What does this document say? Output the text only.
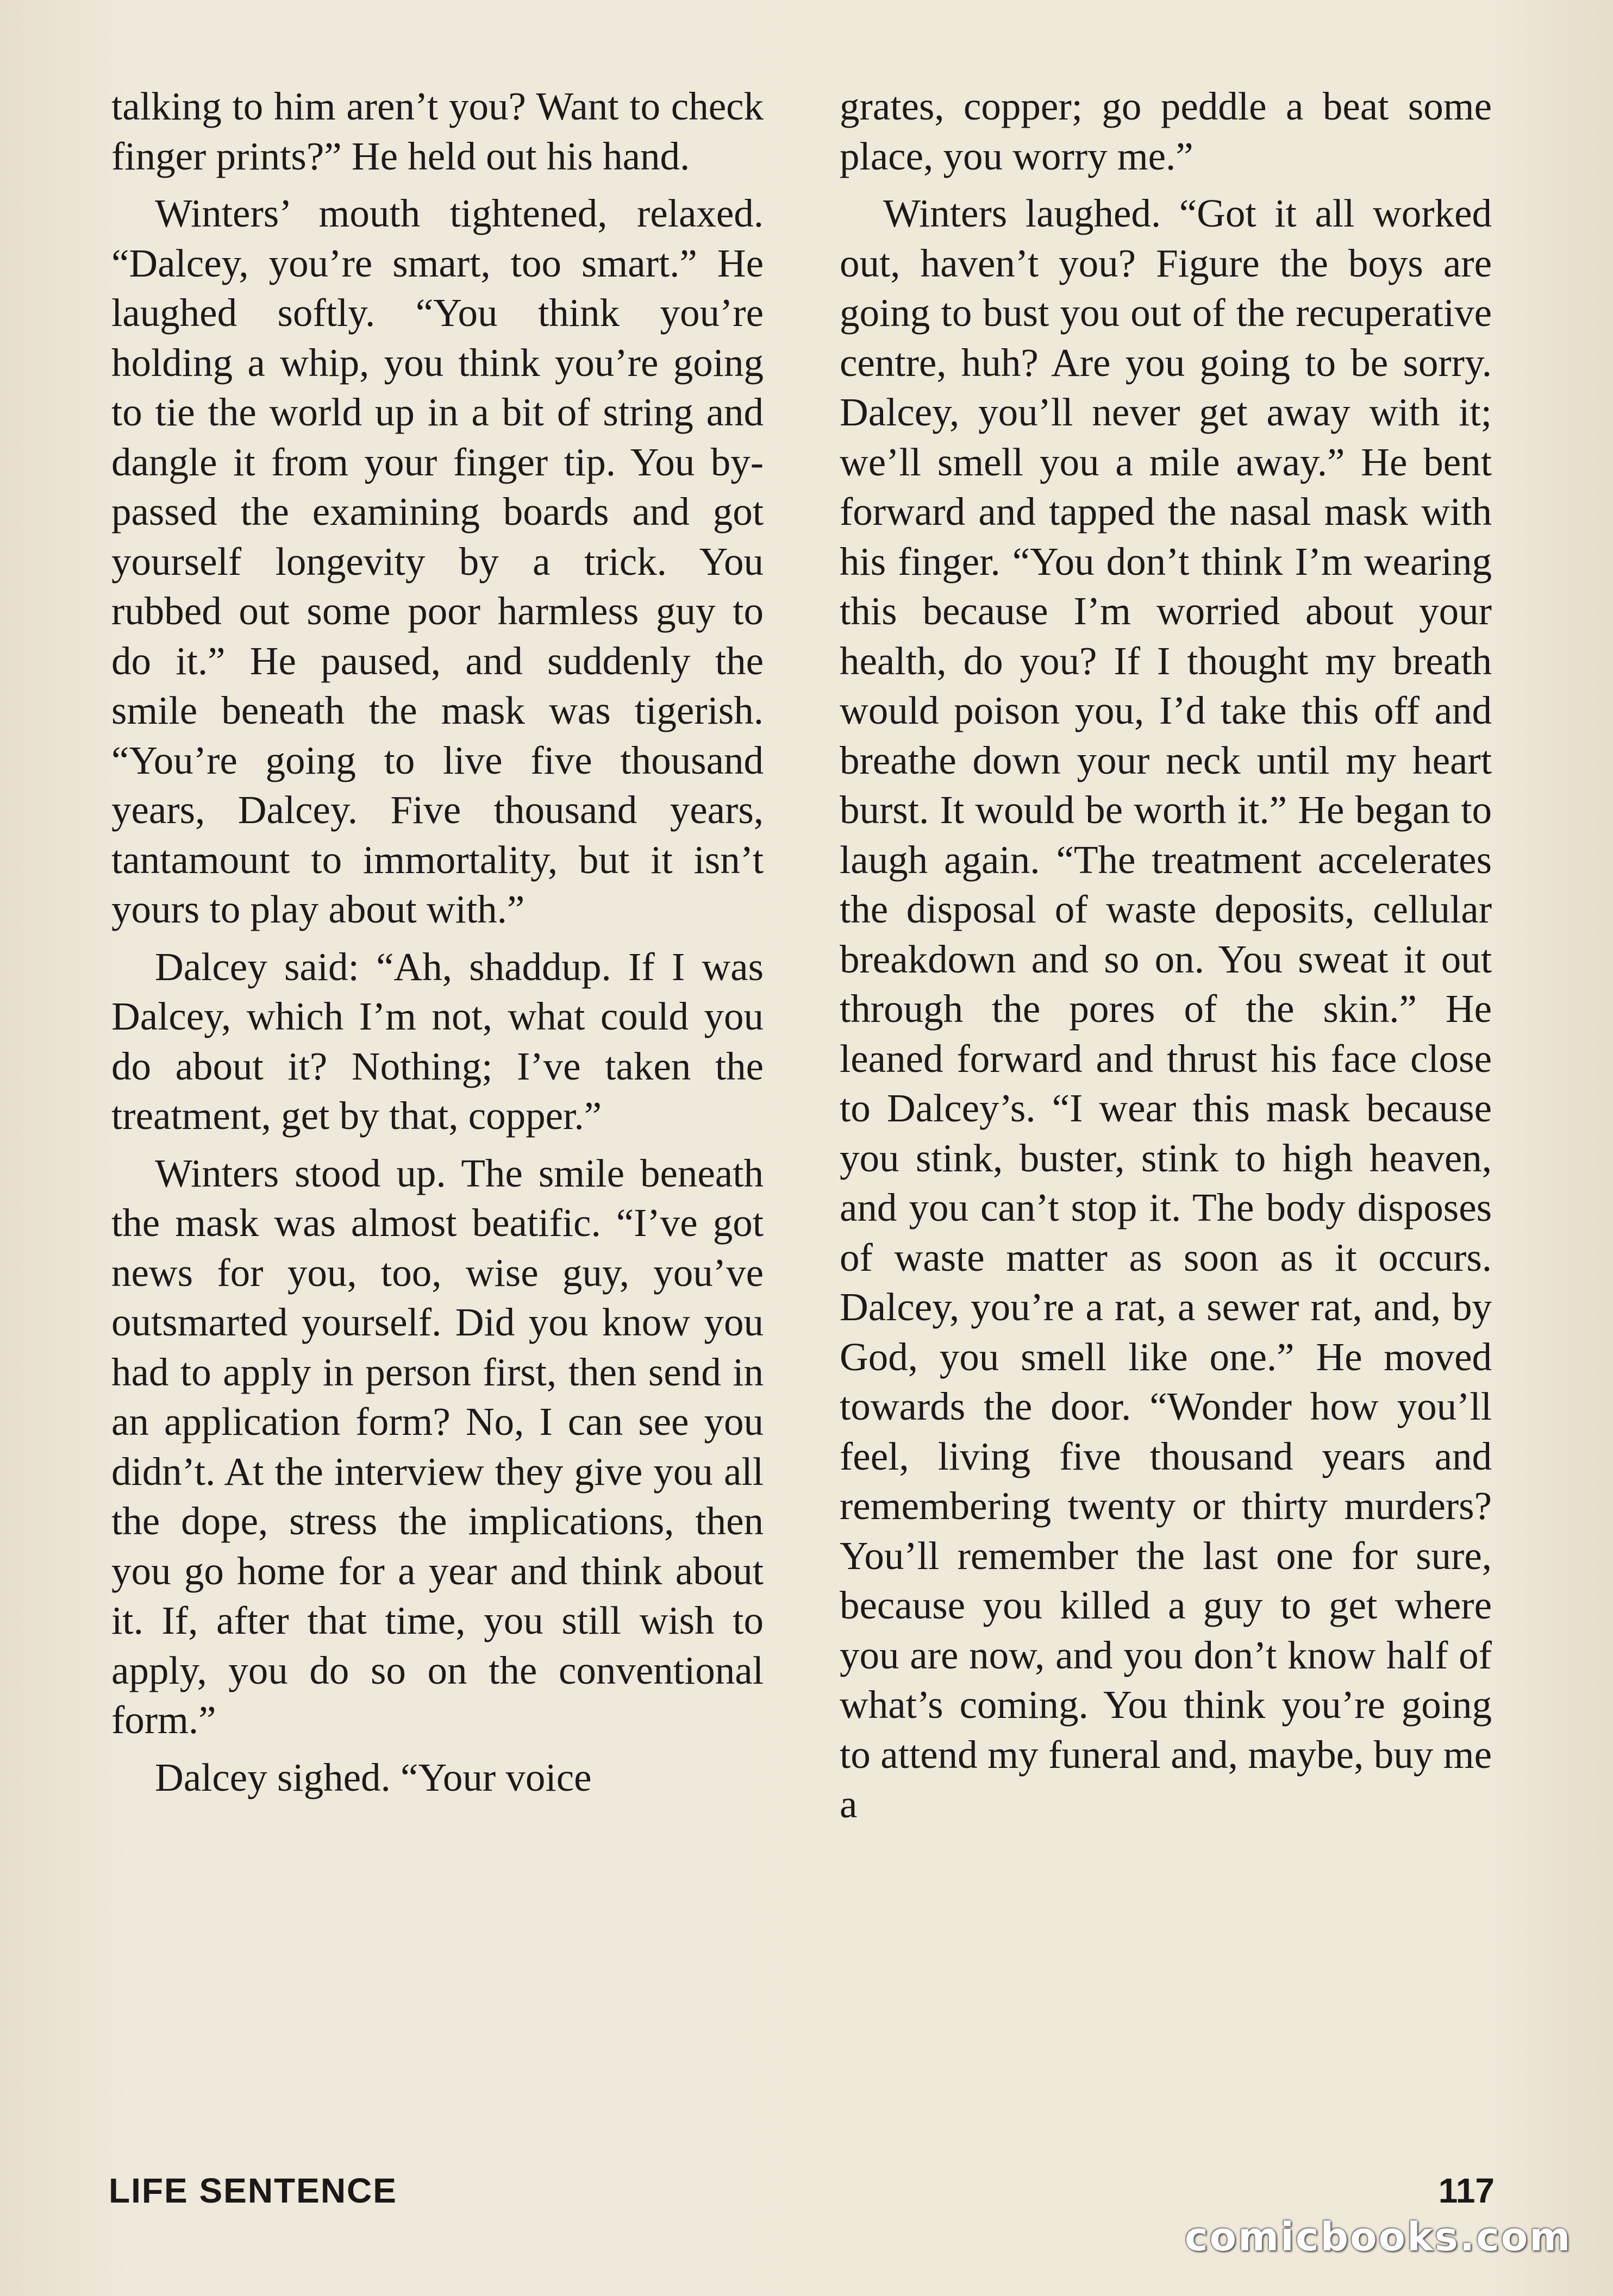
talking to him aren’t you? Want to check finger prints?” He held out his hand.

Winters’ mouth tightened, relaxed. “Dalcey, you’re smart, too smart.” He laughed softly. “You think you’re holding a whip, you think you’re going to tie the world up in a bit of string and dangle it from your finger tip. You by-passed the examining boards and got yourself longevity by a trick. You rubbed out some poor harmless guy to do it.” He paused, and suddenly the smile beneath the mask was tigerish. “You’re going to live five thousand years, Dalcey. Five thousand years, tantamount to immortality, but it isn’t yours to play about with.”

Dalcey said: “Ah, shaddup. If I was Dalcey, which I’m not, what could you do about it? Nothing; I’ve taken the treatment, get by that, copper.”

Winters stood up. The smile beneath the mask was almost beatific. “I’ve got news for you, too, wise guy, you’ve outsmarted yourself. Did you know you had to apply in person first, then send in an application form? No, I can see you didn’t. At the interview they give you all the dope, stress the implications, then you go home for a year and think about it. If, after that time, you still wish to apply, you do so on the conventional form.”

Dalcey sighed. “Your voice

grates, copper; go peddle a beat some place, you worry me.”

Winters laughed. “Got it all worked out, haven’t you? Figure the boys are going to bust you out of the recuperative centre, huh? Are you going to be sorry. Dalcey, you’ll never get away with it; we’ll smell you a mile away.” He bent forward and tapped the nasal mask with his finger. “You don’t think I’m wearing this because I’m worried about your health, do you? If I thought my breath would poison you, I’d take this off and breathe down your neck until my heart burst. It would be worth it.” He began to laugh again. “The treatment accelerates the disposal of waste deposits, cellular breakdown and so on. You sweat it out through the pores of the skin.” He leaned forward and thrust his face close to Dalcey’s. “I wear this mask because you stink, buster, stink to high heaven, and you can’t stop it. The body disposes of waste matter as soon as it occurs. Dalcey, you’re a rat, a sewer rat, and, by God, you smell like one.” He moved towards the door. “Wonder how you’ll feel, living five thousand years and remembering twenty or thirty murders? You’ll remember the last one for sure, because you killed a guy to get where you are now, and you don’t know half of what’s coming. You think you’re going to attend my funeral and, maybe, buy me a

LIFE SENTENCE	117
comicbooks.com
